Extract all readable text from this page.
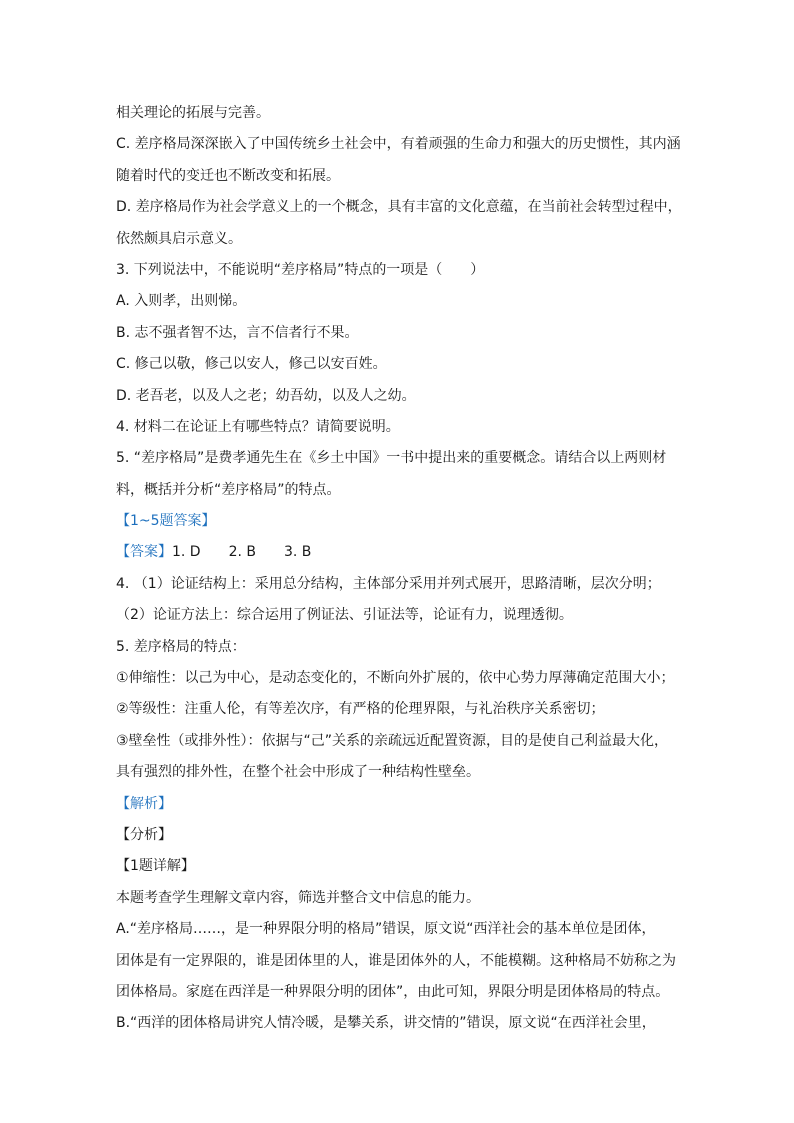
相关理论的拓展与完善。
C. 差序格局深深嵌入了中国传统乡土社会中，有着顽强的生命力和强大的历史惯性，其内涵
随着时代的变迁也不断改变和拓展。
D. 差序格局作为社会学意义上的一个概念，具有丰富的文化意蕴，在当前社会转型过程中，
依然颇具启示意义。
3. 下列说法中，不能说明“差序格局”特点的一项是（　　）
A. 入则孝，出则悌。
B. 志不强者智不达，言不信者行不果。
C. 修己以敬，修己以安人，修己以安百姓。
D. 老吾老，以及人之老；幼吾幼，以及人之幼。
4. 材料二在论证上有哪些特点？请简要说明。
5. “差序格局”是费孝通先生在《乡土中国》一书中提出来的重要概念。请结合以上两则材
料，概括并分析“差序格局”的特点。
【1~5题答案】
【答案】1. D　　2. B　　3. B
4. （1）论证结构上：采用总分结构，主体部分采用并列式展开，思路清晰，层次分明；
（2）论证方法上：综合运用了例证法、引证法等，论证有力，说理透彻。
5. 差序格局的特点：
①伸缩性：以己为中心，是动态变化的，不断向外扩展的，依中心势力厚薄确定范围大小；
②等级性：注重人伦，有等差次序，有严格的伦理界限，与礼治秩序关系密切；
③壁垒性（或排外性）：依据与“己”关系的亲疏远近配置资源，目的是使自己利益最大化，
具有强烈的排外性，在整个社会中形成了一种结构性壁垒。
【解析】
【分析】
【1题详解】
本题考查学生理解文章内容，筛选并整合文中信息的能力。
A.“差序格局……，是一种界限分明的格局”错误，原文说“西洋社会的基本单位是团体，
团体是有一定界限的，谁是团体里的人，谁是团体外的人，不能模糊。这种格局不妨称之为
团体格局。家庭在西洋是一种界限分明的团体”，由此可知，界限分明是团体格局的特点。
B.“西洋的团体格局讲究人情冷暖，是攀关系，讲交情的”错误，原文说“在西洋社会里，
